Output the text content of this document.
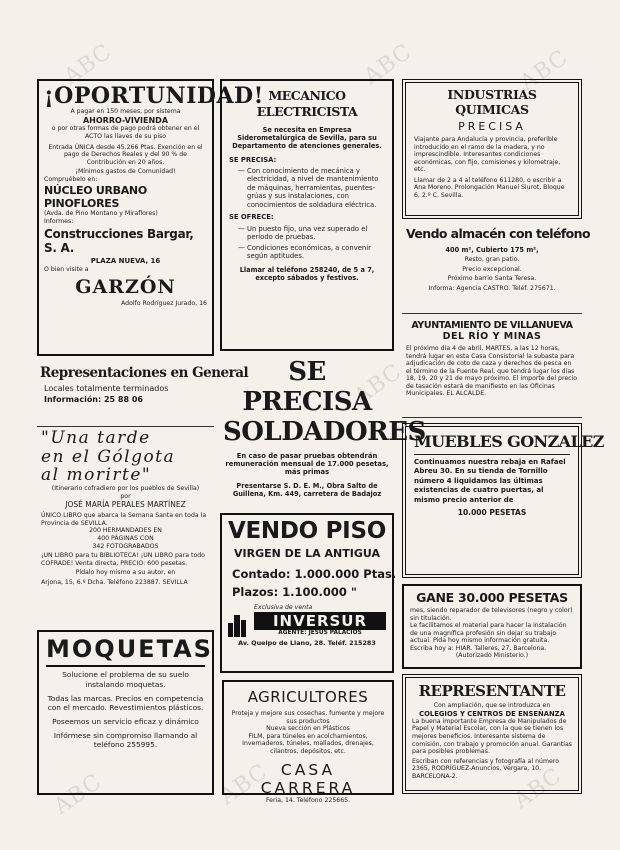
ABC	ABC	ABC
ABC
ABC	ABC	ABC
¡OPORTUNIDAD!

A pagar en 150 meses, por sistema

AHORRO-VIVIENDA

o por otras formas de pago podrá obtener en el ACTO las llaves de su piso

Entrada ÚNICA desde 45.266 Ptas. Exención en el pago de Derechos Reales y del 90 % de Contribución en 20 años.

¡Mínimos gastos de Comunidad!

Compruébelo en:

NÚCLEO URBANO PINOFLORES

(Avda. de Pino Montano y Miraflores)

Informes:

Construcciones Bargar, S. A.

PLAZA NUEVA, 16

O bien visite a

GARZÓN

Adolfo Rodríguez Jurado, 16

Representaciones en General
Locales totalmente terminados
Información: 25 88 06
"Una tarde
en el Gólgota
al morirte"

(Itinerario cofradiero por los pueblos de Sevilla)

por

JOSÉ MARÍA PERALES MARTÍNEZ

ÚNICO LIBRO que abarca la Semana Santa en toda la Provincia de SEVILLA.

200 HERMANDADES EN

400 PÁGINAS CON

342 FOTOGRABADOS

¡UN LIBRO para tu BIBLIOTECA! ¡UN LIBRO para todo COFRADE! Venta directa, PRECIO: 600 pesetas.

Pídalo hoy mismo a su autor, en

Arjona, 15, 6.º Dcha. Teléfono 223887. SEVILLA

MOQUETAS

Solucione el problema de su suelo instalando moquetas.

Todas las marcas. Precios en competencia con el mercado. Revestimientos plásticos.

Poseemos un servicio eficaz y dinámico

Infórmese sin compromiso llamando al teléfono 255995.

MECANICO ELECTRICISTA

Se necesita en Empresa Siderometalúrgica de Sevilla, para su Departamento de atenciones generales.

SE PRECISA:

— Con conocimiento de mecánica y electricidad, a nivel de mantenimiento de máquinas, herramientas, puentes-grúas y sus instalaciones, con conocimientos de soldadura eléctrica.

SE OFRECE:

— Un puesto fijo, una vez superado el período de pruebas.
— Condiciones económicas, a convenir según aptitudes.

Llamar al teléfono 258240, de 5 a 7, excepto sábados y festivos.

SE PRECISA
SOLDADORES

En caso de pasar pruebas obtendrán remuneración mensual de 17.000 pesetas, más primas

Presentarse S. D. E. M., Obra Salto de Guillena, Km. 449, carretera de Badajoz

VENDO PISO
VIRGEN DE LA ANTIGUA
Contado: 1.000.000 Ptas.
Plazos: 1.100.000 "

Exclusiva de venta

INVERSUR

AGENTE: JESÚS PALACIOS

Av. Queipo de Llano, 28. Teléf. 215283

AGRICULTORES

Proteja y mejore sus cosechas, fumente y mejore sus productos

Nueva sección en Plásticos

FILM, para túneles en acolchamientos, Invernaderos, túneles, mallados, drenajes, cilantros, depósitos, etc.

CASA CARRERA

Feria, 14. Teléfono 225665.

INDUSTRIAS QUIMICAS
PRECISA

Viajante para Andalucía y provincia, preferible introducido en el ramo de la madera, y no imprescindible. Interesantes condiciones económicas, con fijo, comisiones y kilometraje, etc.

Llamar de 2 a 4 al teléfono 611280, o escribir a Ana Moreno. Prolongación Manuel Siurot, Bloque 6, 2.º C. Sevilla.

Vendo almacén con teléfono

400 m², Cubierto 175 m²,

Resto, gran patio.

Precio excepcional.

Próximo barrio Santa Teresa.

Informa: Agencia CASTRO. Teléf. 275671.

AYUNTAMIENTO DE VILLANUEVA
DEL RÍO Y MINAS

El próximo día 4 de abril, MARTES, a las 12 horas, tendrá lugar en esta Casa Consistorial la subasta para adjudicación de coto de caza y derechos de pesca en el término de la Fuente Real, que tendrá lugar los días 18, 19, 20 y 21 de mayo próximo. El importe del precio de tasación estará de manifiesto en las Oficinas Municipales. EL ALCALDE.

MUEBLES GONZALEZ

Continuamos nuestra rebaja en Rafael Abreu 30. En su tienda de Tornillo número 4 liquidamos las últimas existencias de cuatro puertas, al mismo precio anterior de

10.000 PESETAS

GANE 30.000 PESETAS

mes, siendo reparador de televisores (negro y color) sin titulación.

Le facilitamos el material para hacer la instalación de una magnífica profesión sin dejar su trabajo actual. Pida hoy mismo información gratuita.

Escriba hoy a: HIAR. Talleres, 27, Barcelona.

(Autorizado Ministerio.)

REPRESENTANTE

Con ampliación, que se introduzca en

COLEGIOS Y CENTROS DE ENSEÑANZA

La buena importante Empresa de Manipulados de Papel y Material Escolar, con la que se tienen los mejores beneficios. Interesante sistema de comisión, con trabajo y promoción anual. Garantías para posibles problemas.

Escriban con referencias y fotografía al número 2365, RODRÍGUEZ-Anuncios, Vergara, 10. BARCELONA-2.
